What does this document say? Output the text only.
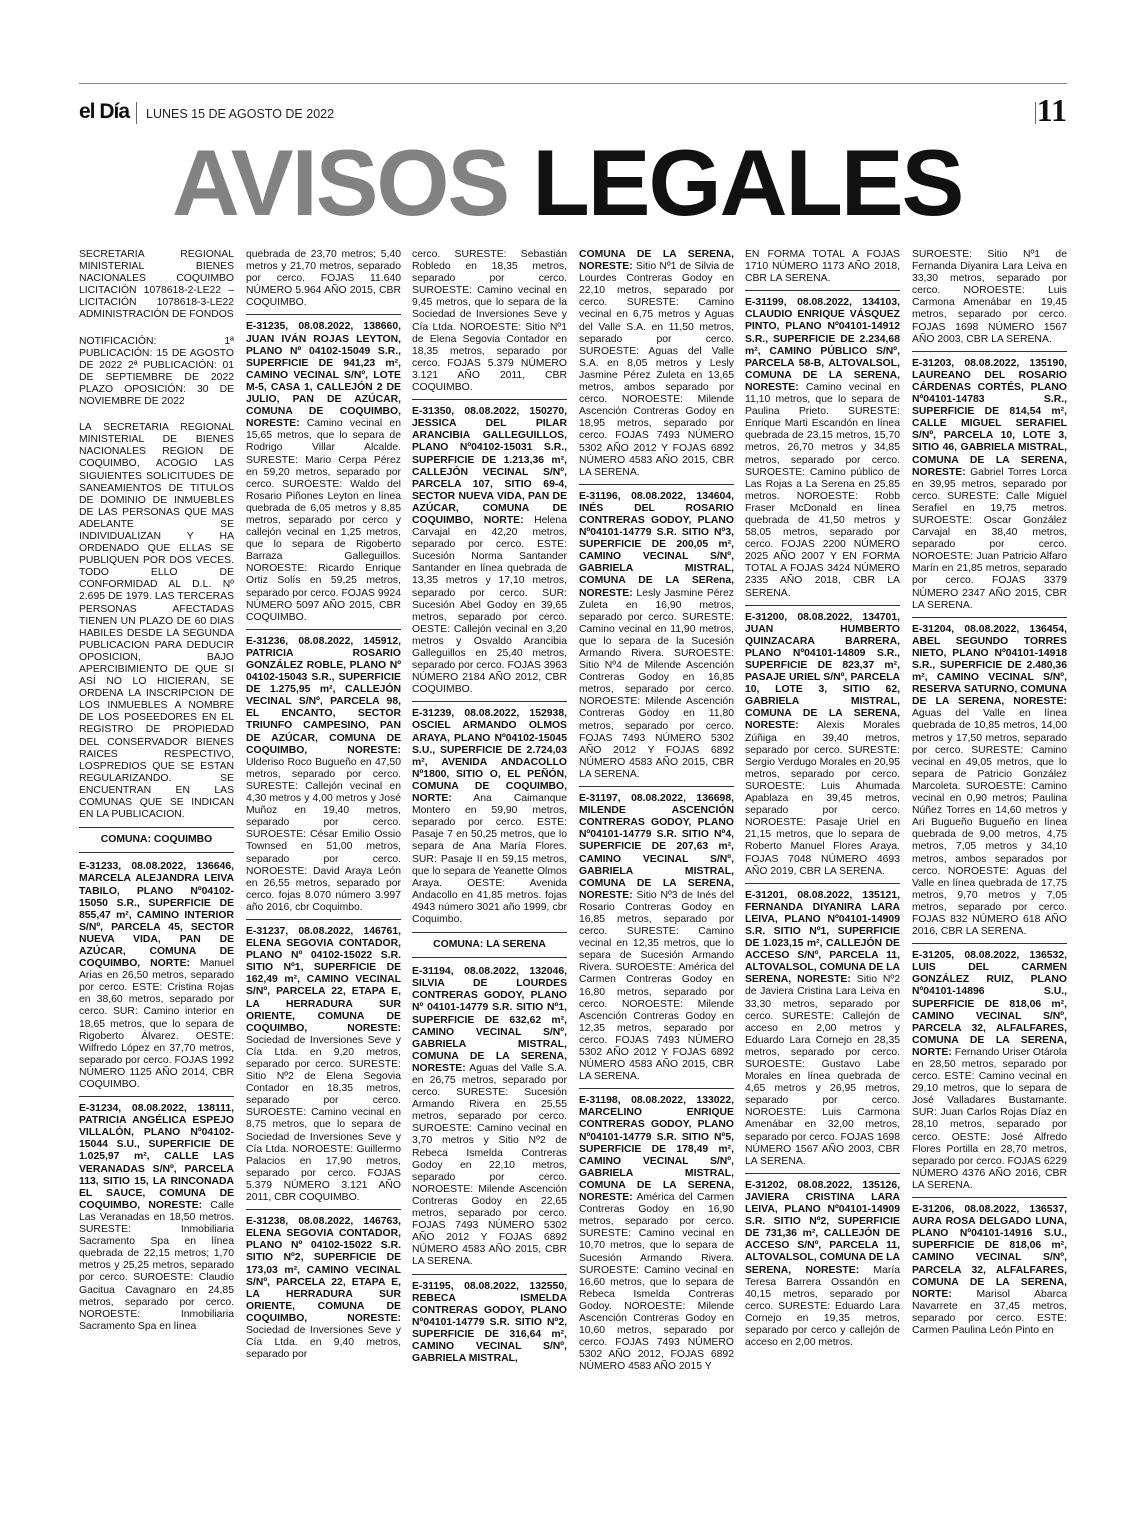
el Día LUNES 15 DE AGOSTO DE 2022	11
AVISOS LEGALES

SECRETARIA REGIONAL MINISTERIAL BIENES NACIONALES COQUIMBO LICITACIÓN 1078618-2-LE22 – LICITACIÓN 1078618-3-LE22 ADMINISTRACIÓN DE FONDOS

NOTIFICACIÓN: 1ª PUBLICACIÓN: 15 DE AGOSTO DE 2022 2ª PUBLICACIÓN: 01 DE SEPTIEMBRE DE 2022 PLAZO OPOSICIÓN: 30 DE NOVIEMBRE DE 2022

LA SECRETARIA REGIONAL MINISTERIAL DE BIENES NACIONALES REGION DE COQUIMBO, ACOGIO LAS SIGUIENTES SOLICITUDES DE SANEAMIENTOS DE TITULOS DE DOMINIO DE INMUEBLES DE LAS PERSONAS QUE MAS ADELANTE SE INDIVIDUALIZAN Y HA ORDENADO QUE ELLAS SE PUBLIQUEN POR DOS VECES. TODO ELLO DE CONFORMIDAD AL D.L. Nº 2.695 DE 1979. LAS TERCERAS PERSONAS AFECTADAS TIENEN UN PLAZO DE 60 DIAS HABILES DESDE LA SEGUNDA PUBLICACION PARA DEDUCIR OPOSICION, BAJO APERCIBIMIENTO DE QUE SI ASÍ NO LO HICIERAN, SE ORDENA LA INSCRIPCION DE LOS INMUEBLES A NOMBRE DE LOS POSEEDORES EN EL REGISTRO DE PROPIEDAD DEL CONSERVADOR BIENES RAICES RESPECTIVO, LOSPREDIOS QUE SE ESTAN REGULARIZANDO. SE ENCUENTRAN EN LAS COMUNAS QUE SE INDICAN EN LA PUBLICACION.

COMUNA: COQUIMBO
E-31233, 08.08.2022, 136646, MARCELA ALEJANDRA LEIVA TABILO, PLANO Nº04102-15050 S.R., SUPERFICIE DE 855,47 m², CAMINO INTERIOR S/Nº, PARCELA 45, SECTOR NUEVA VIDA, PAN DE AZÚCAR, COMUNA DE COQUIMBO, NORTE: Manuel Arias en 26,50 metros, separado por cerco. ESTE: Cristina Rojas en 38,60 metros, separado por cerco. SUR: Camino interior en 18,65 metros, que lo separa de Rigoberto Álvarez. OESTE: Wilfredo López en 37,70 metros, separado por cerco. FOJAS 1992 NÚMERO 1125 AÑO 2014, CBR COQUIMBO.
E-31234, 08.08.2022, 138111, PATRICIA ANGÉLICA ESPEJO VILLALÓN, PLANO Nº04102-15044 S.U., SUPERFICIE DE 1.025,97 m², CALLE LAS VERANADAS S/Nº, PARCELA 113, SITIO 15, LA RINCONADA EL SAUCE, COMUNA DE COQUIMBO, NORESTE: Calle Las Veranadas en 18,50 metros. SURESTE: Inmobiliaria Sacramento Spa en línea quebrada de 22,15 metros; 1,70 metros y 25,25 metros, separado por cerco. SUROESTE: Claudio Gacitua Cavagnaro en 24,85 metros, separado por cerco. NOROESTE: Inmobiliaria Sacramento Spa en línea
quebrada de 23,70 metros; 5,40 metros y 21,70 metros, separado por cerco. FOJAS 11.640 NÚMERO 5.964 AÑO 2015, CBR COQUIMBO.
E-31235, 08.08.2022, 138660, JUAN IVÁN ROJAS LEYTON, PLANO Nº 04102-15049 S.R., SUPERFICIE DE 941,23 m², CAMINO VECINAL S/Nº, LOTE M-5, CASA 1, CALLEJÓN 2 DE JULIO, PAN DE AZÚCAR, COMUNA DE COQUIMBO, NORESTE: Camino vecinal en 15,65 metros, que lo separa de Rodrigo Villar Alcalde. SURESTE: Mario Cerpa Pérez en 59,20 metros, separado por cerco. SUROESTE: Waldo del Rosario Piñones Leyton en línea quebrada de 6,05 metros y 8,85 metros, separado por cerco y callejón vecinal en 1,25 metros, que lo separa de Rigoberto Barraza Galleguillos. NOROESTE: Ricardo Enrique Ortiz Solís en 59,25 metros, separado por cerco. FOJAS 9924 NÚMERO 5097 AÑO 2015, CBR COQUIMBO.
E-31236, 08.08.2022, 145912, PATRICIA ROSARIO GONZÁLEZ ROBLE, PLANO Nº 04102-15043 S.R., SUPERFICIE DE 1.275,95 m², CALLEJÓN VECINAL S/Nº, PARCELA 98, EL ENCANTO, SECTOR TRIUNFO CAMPESINO, PAN DE AZÚCAR, COMUNA DE COQUIMBO, NORESTE: Ulderiso Roco Bugueño en 47,50 metros, separado por cerco. SURESTE: Callejón vecinal en 4,30 metros y 4,00 metros y José Muñoz en 19,40 metros, separado por cerco. SUROESTE: César Emilio Ossio Townsed en 51,00 metros, separado por cerco. NOROESTE: David Araya León en 26,55 metros, separado por cerco. fojas 8.070 número 3.997 año 2016, cbr Coquimbo.
E-31237, 08.08.2022, 146761, ELENA SEGOVIA CONTADOR, PLANO Nº 04102-15022 S.R. SITIO Nº1, SUPERFICIE DE 162,49 m², CAMINO VECINAL S/Nº, PARCELA 22, ETAPA E, LA HERRADURA SUR ORIENTE, COMUNA DE COQUIMBO, NORESTE: Sociedad de Inversiones Seve y Cía Ltda. en 9,20 metros, separado por cerco. SURESTE: Sitio Nº2 de Elena Segovia Contador en 18,35 metros, separado por cerco. SUROESTE: Camino vecinal en 8,75 metros, que lo separa de Sociedad de Inversiones Seve y Cía Ltda. NOROESTE: Guillermo Palacios en 17,90 metros, separado por cerco. FOJAS 5.379 NÚMERO 3.121 AÑO 2011, CBR COQUIMBO.
E-31238, 08.08.2022, 146763, ELENA SEGOVIA CONTADOR, PLANO Nº 04102-15022 S.R. SITIO Nº2, SUPERFICIE DE 173,03 m², CAMINO VECINAL S/Nº, PARCELA 22, ETAPA E, LA HERRADURA SUR ORIENTE, COMUNA DE COQUIMBO, NORESTE: Sociedad de Inversiones Seve y Cía Ltda. en 9,40 metros, separado por
cerco. SURESTE: Sebastián Robledo en 18,35 metros, separado por cerco. SUROESTE: Camino vecinal en 9,45 metros, que lo separa de la Sociedad de Inversiones Seve y Cía Ltda. NOROESTE: Sitio Nº1 de Elena Segovia Contador en 18,35 metros, separado por cerco. FOJAS 5.379 NÚMERO 3.121 AÑO 2011, CBR COQUIMBO.
E-31350, 08.08.2022, 150270, JESSICA DEL PILAR ARANCIBIA GALLEGUILLOS, PLANO Nº04102-15031 S.R., SUPERFICIE DE 1.213,36 m², CALLEJÓN VECINAL S/Nº, PARCELA 107, SITIO 69-4, SECTOR NUEVA VIDA, PAN DE AZÚCAR, COMUNA DE COQUIMBO, NORTE: Helena Carvajal en 42,20 metros, separado por cerco. ESTE: Sucesión Norma Santander Santander en línea quebrada de 13,35 metros y 17,10 metros, separado por cerco. SUR: Sucesión Abel Godoy en 39,65 metros, separado por cerco. OESTE: Callejón vecinal en 3,20 metros y Osvaldo Arancibia Galleguillos en 25,40 metros, separado por cerco. FOJAS 3963 NÚMERO 2184 AÑO 2012, CBR COQUIMBO.
E-31239, 08.08.2022, 152938, OSCIEL ARMANDO OLMOS ARAYA, PLANO Nº04102-15045 S.U., SUPERFICIE DE 2.724,03 m², AVENIDA ANDACOLLO Nº1800, SITIO O, EL PEÑÓN, COMUNA DE COQUIMBO, NORTE: Ana Caimanque Montero en 59,90 metros, separado por cerco. ESTE: Pasaje 7 en 50,25 metros, que lo separa de Ana María Flores. SUR: Pasaje II en 59,15 metros, que lo separa de Yeanette Olmos Araya. OESTE: Avenida Andacollo en 41,85 metros. fojas 4943 número 3021 año 1999, cbr Coquimbo.
COMUNA: LA SERENA
E-31194, 08.08.2022, 132046, SILVIA DE LOURDES CONTRERAS GODOY, PLANO Nº 04101-14779 S.R. SITIO Nº1, SUPERFICIE DE 632,62 m², CAMINO VECINAL S/Nº, GABRIELA MISTRAL, COMUNA DE LA SERENA, NORESTE: Aguas del Valle S.A. en 26,75 metros, separado por cerco. SURESTE: Sucesión Armando Rivera en 25,55 metros, separado por cerco. SUROESTE: Camino vecinal en 3,70 metros y Sitio Nº2 de Rebeca Ismelda Contreras Godoy en 22,10 metros, separado por cerco. NOROESTE: Milende Ascención Contreras Godoy en 22,65 metros, separado por cerco. FOJAS 7493 NÚMERO 5302 AÑO 2012 Y FOJAS 6892 NÚMERO 4583 AÑO 2015, CBR LA SERENA.
E-31195, 08.08.2022, 132550, REBECA ISMELDA CONTRERAS GODOY, PLANO Nº04101-14779 S.R. SITIO Nº2, SUPERFICIE DE 316,64 m², CAMINO VECINAL S/Nº, GABRIELA MISTRAL,
COMUNA DE LA SERENA, NORESTE: Sitio Nº1 de Silvia de Lourdes Contreras Godoy en 22,10 metros, separado por cerco. SURESTE: Camino vecinal en 6,75 metros y Aguas del Valle S.A. en 11,50 metros, separado por cerco. SUROESTE: Aguas del Valle S.A. en 8,05 metros y Lesly Jasmine Pérez Zuleta en 13,65 metros, ambos separado por cerco. NOROESTE: Milende Ascención Contreras Godoy en 18,95 metros, separado por cerco. FOJAS 7493 NÚMERO 5302 AÑO 2012 Y FOJAS 6892 NÚMERO 4583 AÑO 2015, CBR LA SERENA.
E-31196, 08.08.2022, 134604, INÉS DEL ROSARIO CONTRERAS GODOY, PLANO Nº04101-14779 S.R. SITIO Nº3, SUPERFICIE DE 200,05 m², CAMINO VECINAL S/Nº, GABRIELA MISTRAL, COMUNA DE LA SERena, NORESTE: Lesly Jasmine Pérez Zuleta en 16,90 metros, separado por cerco. SURESTE: Camino vecinal en 11,90 metros, que lo separa de la Sucesión Armando Rivera. SUROESTE: Sitio Nº4 de Milende Ascención Contreras Godoy en 16,85 metros, separado por cerco. NOROESTE: Milende Ascención Contreras Godoy en 11,80 metros, separado por cerco. FOJAS 7493 NÚMERO 5302 AÑO 2012 Y FOJAS 6892 NÚMERO 4583 AÑO 2015, CBR LA SERENA.
E-31197, 08.08.2022, 136698, MILENDE ASCENCIÓN CONTRERAS GODOY, PLANO Nº04101-14779 S.R. SITIO Nº4, SUPERFICIE DE 207,63 m², CAMINO VECINAL S/Nº, GABRIELA MISTRAL, COMUNA DE LA SERENA, NORESTE: Sitio Nº3 de Inés del Rosario Contreras Godoy en 16,85 metros, separado por cerco. SURESTE: Camino vecinal en 12,35 metros, que lo separa de Sucesión Armando Rivera. SUROESTE: América del Carmen Contreras Godoy en 16,80 metros, separado por cerco. NOROESTE: Milende Ascención Contreras Godoy en 12,35 metros, separado por cerco. FOJAS 7493 NÚMERO 5302 AÑO 2012 Y FOJAS 6892 NÚMERO 4583 AÑO 2015, CBR LA SERENA.
E-31198, 08.08.2022, 133022, MARCELINO ENRIQUE CONTRERAS GODOY, PLANO Nº04101-14779 S.R. SITIO Nº5, SUPERFICIE DE 178,49 m², CAMINO VECINAL S/Nº, GABRIELA MISTRAL, COMUNA DE LA SERENA, NORESTE: América del Carmen Contreras Godoy en 16,90 metros, separado por cerco. SURESTE: Camino vecinal en 10,70 metros, que lo separa de Sucesión Armando Rivera. SUROESTE: Camino vecinal en 16,60 metros, que lo separa de Rebeca Ismelda Contreras Godoy. NOROESTE: Milende Ascención Contreras Godoy en 10,60 metros, separado por cerco. FOJAS 7493 NÚMERO 5302 AÑO 2012, FOJAS 6892 NÚMERO 4583 AÑO 2015 Y
EN FORMA TOTAL A FOJAS 1710 NÚMERO 1173 AÑO 2018, CBR LA SERENA.
E-31199, 08.08.2022, 134103, CLAUDIO ENRIQUE VÁSQUEZ PINTO, PLANO Nº04101-14912 S.R., SUPERFICIE DE 2.234,68 m², CAMINO PÚBLICO S/Nº, PARCELA 58-B, ALTOVALSOL, COMUNA DE LA SERENA, NORESTE: Camino vecinal en 11,10 metros, que lo separa de Paulina Prieto. SURESTE: Enrique Marti Escandón en línea quebrada de 23,15 metros, 15,70 metros, 26,70 metros y 34,85 metros, separado por cerco. SUROESTE: Camino público de Las Rojas a La Serena en 25,85 metros. NOROESTE: Robb Fraser McDonald en línea quebrada de 41,50 metros y 58,05 metros, separado por cerco. FOJAS 2200 NÚMERO 2025 AÑO 2007 Y EN FORMA TOTAL A FOJAS 3424 NÚMERO 2335 AÑO 2018, CBR LA SERENA.
E-31200, 08.08.2022, 134701, JUAN HUMBERTO QUINZACARA BARRERA, PLANO Nº04101-14809 S.R., SUPERFICIE DE 823,37 m², PASAJE URIEL S/Nº, PARCELA 10, LOTE 3, SITIO 62, GABRIELA MISTRAL, COMUNA DE LA SERENA, NORESTE: Alexis Morales Zúñiga en 39,40 metros, separado por cerco. SURESTE: Sergio Verdugo Morales en 20,95 metros, separado por cerco. SUROESTE: Luis Ahumada Apablaza en 39,45 metros, separado por cerco. NOROESTE: Pasaje Uriel en 21,15 metros, que lo separa de Roberto Manuel Flores Araya. FOJAS 7048 NÚMERO 4693 AÑO 2019, CBR LA SERENA.
E-31201, 08.08.2022, 135121, FERNANDA DIYANIRA LARA LEIVA, PLANO Nº04101-14909 S.R. SITIO Nº1, SUPERFICIE DE 1.023,15 m², CALLEJÓN DE ACCESO S/Nº, PARCELA 11, ALTOVALSOL, COMUNA DE LA SERENA, NORESTE: Sitio Nº2 de Javiera Cristina Lara Leiva en 33,30 metros, separado por cerco. SURESTE: Callejón de acceso en 2,00 metros y Eduardo Lara Cornejo en 28,35 metros, separado por cerco. SUROESTE: Gustavo Labe Morales en línea quebrada de 4,65 metros y 26,95 metros, separado por cerco. NOROESTE: Luis Carmona Amenábar en 32,00 metros, separado por cerco. FOJAS 1698 NÚMERO 1567 AÑO 2003, CBR LA SERENA.
E-31202, 08.08.2022, 135126, JAVIERA CRISTINA LARA LEIVA, PLANO Nº04101-14909 S.R. SITIO Nº2, SUPERFICIE DE 731,36 m², CALLEJÓN DE ACCESO S/Nº, PARCELA 11, ALTOVALSOL, COMUNA DE LA SERENA, NORESTE: María Teresa Barrera Ossandón en 40,15 metros, separado por cerco. SURESTE: Eduardo Lara Cornejo en 19,35 metros, separado por cerco y callejón de acceso en 2,00 metros.
SUROESTE: Sitio Nº1 de Fernanda Diyanira Lara Leiva en 33,30 metros, separado por cerco. NOROESTE: Luis Carmona Amenábar en 19,45 metros, separado por cerco. FOJAS 1698 NÚMERO 1567 AÑO 2003, CBR LA SERENA.
E-31203, 08.08.2022, 135190, LAUREANO DEL ROSARIO CÁRDENAS CORTÉS, PLANO Nº04101-14783 S.R., SUPERFICIE DE 814,54 m², CALLE MIGUEL SERAFIEL S/Nº, PARCELA 10, LOTE 3, SITIO 46, GABRIELA MISTRAL, COMUNA DE LA SERENA, NORESTE: Gabriel Torres Lorca en 39,95 metros, separado por cerco. SURESTE: Calle Miguel Serafiel en 19,75 metros. SUROESTE: Oscar González Carvajal en 38,40 metros, separado por cerco. NOROESTE: Juan Patricio Alfaro Marín en 21,85 metros, separado por cerco. FOJAS 3379 NÚMERO 2347 AÑO 2015, CBR LA SERENA.
E-31204, 08.08.2022, 136454, ABEL SEGUNDO TORRES NIETO, PLANO Nº04101-14918 S.R., SUPERFICIE DE 2.480,36 m², CAMINO VECINAL S/Nº, RESERVA SATURNO, COMUNA DE LA SERENA, NORESTE: Aguas del Valle en línea quebrada de 10,85 metros, 14,00 metros y 17,50 metros, separado por cerco. SURESTE: Camino vecinal en 49,05 metros, que lo separa de Patricio González Marcoleta. SUROESTE: Camino vecinal en 0,90 metros; Paulina Núñez Torres en 14,60 metros y Ari Bugueño Bugueño en línea quebrada de 9,00 metros, 4,75 metros, 7,05 metros y 34,10 metros, ambos separados por cerco. NOROESTE: Aguas del Valle en línea quebrada de 17,75 metros, 9,70 metros y 7,05 metros, separado por cerco. FOJAS 832 NÚMERO 618 AÑO 2016, CBR LA SERENA.
E-31205, 08.08.2022, 136532, LUIS DEL CARMEN GONZÁLEZ RUIZ, PLANO Nº04101-14896 S.U., SUPERFICIE DE 818,06 m², CAMINO VECINAL S/Nº, PARCELA 32, ALFALFARES, COMUNA DE LA SERENA, NORTE: Fernando Uriser Otárola en 28,50 metros, separado por cerco. ESTE: Camino vecinal en 29,10 metros, que lo separa de José Valladares Bustamante. SUR: Juan Carlos Rojas Díaz en 28,10 metros, separado por cerco. OESTE: José Alfredo Flores Portilla en 28,70 metros, separado por cerco. FOJAS 6229 NÚMERO 4376 AÑO 2016, CBR LA SERENA.
E-31206, 08.08.2022, 136537, AURA ROSA DELGADO LUNA, PLANO Nº04101-14916 S.U., SUPERFICIE DE 818,06 m², CAMINO VECINAL S/Nº, PARCELA 32, ALFALFARES, COMUNA DE LA SERENA, NORTE: Marisol Abarca Navarrete en 37,45 metros, separado por cerco. ESTE: Carmen Paulina León Pinto en
